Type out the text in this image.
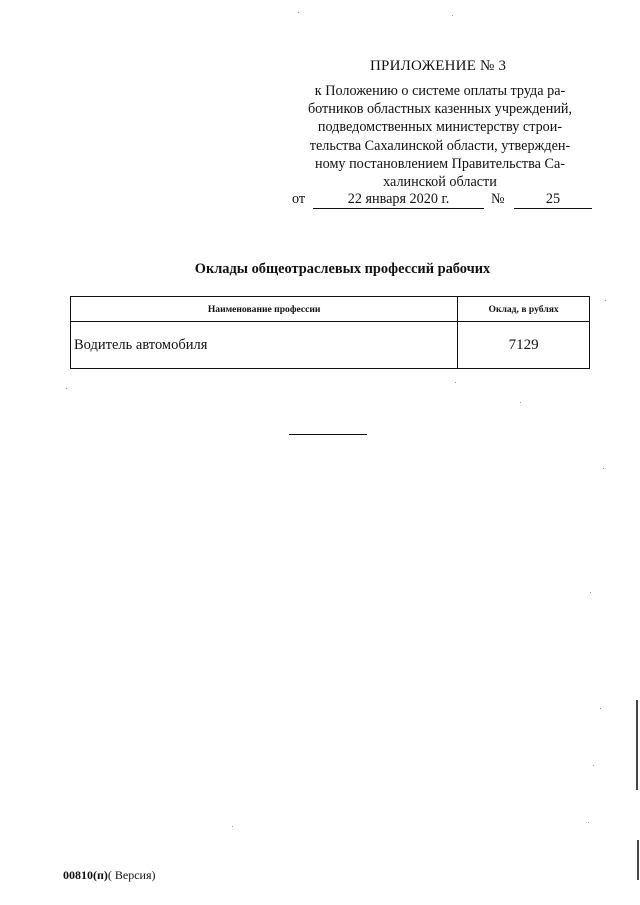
ПРИЛОЖЕНИЕ № 3
к Положению о системе оплаты труда ра-
ботников областных казенных учреждений,
подведомственных министерству строи-
тельства Сахалинской области, утвержден-
ному постановлением Правительства Са-
халинской области
от	22 января 2020 г.	№	25
Оклады общеотраслевых профессий рабочих
Наименование профессии	Оклад, в рублях
Водитель автомобиля	7129
00810(п)( Версия)
